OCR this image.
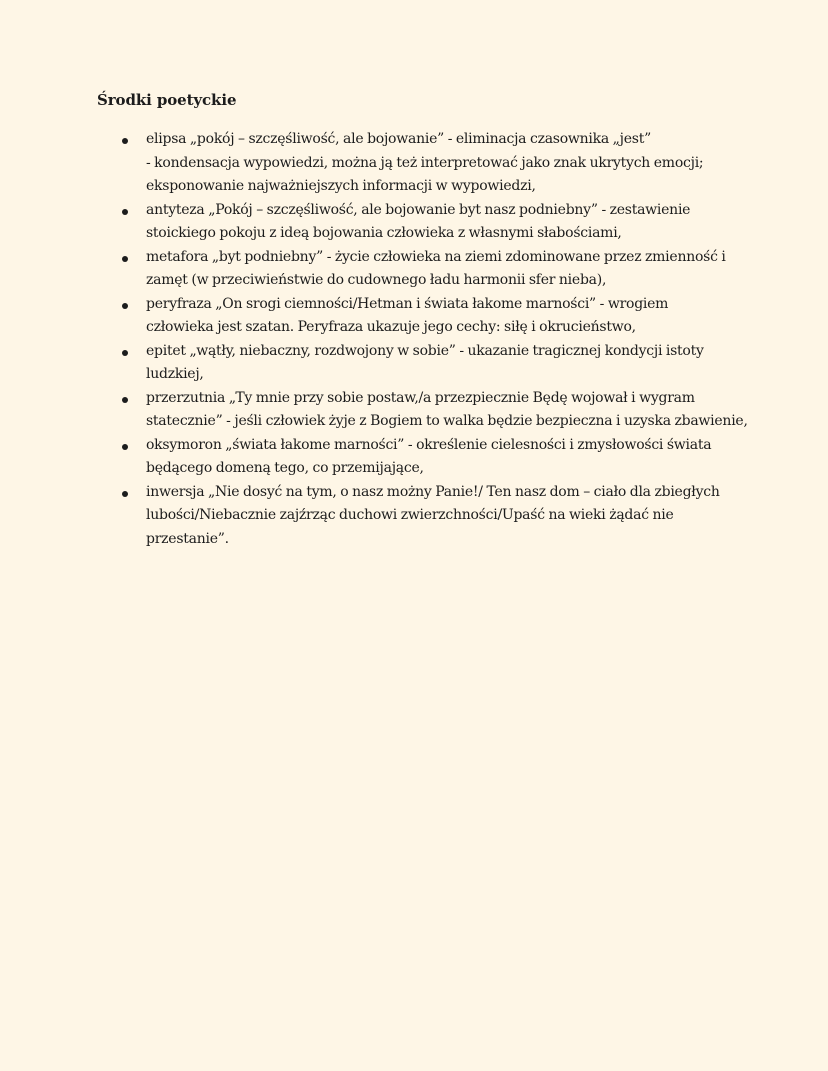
Środki poetyckie
elipsa „pokój – szczęśliwość, ale bojowanie” - eliminacja czasownika „jest”
- kondensacja wypowiedzi, można ją też interpretować jako znak ukrytych emocji;
eksponowanie najważniejszych informacji w wypowiedzi,
antyteza „Pokój – szczęśliwość, ale bojowanie byt nasz podniebny” - zestawienie
stoickiego pokoju z ideą bojowania człowieka z własnymi słabościami,
metafora „byt podniebny” - życie człowieka na ziemi zdominowane przez zmienność i
zamęt (w przeciwieństwie do cudownego ładu harmonii sfer nieba),
peryfraza „On srogi ciemności/Hetman i świata łakome marności” - wrogiem
człowieka jest szatan. Peryfraza ukazuje jego cechy: siłę i okrucieństwo,
epitet „wątły, niebaczny, rozdwojony w sobie” - ukazanie tragicznej kondycji istoty
ludzkiej,
przerzutnia „Ty mnie przy sobie postaw,/a przezpiecznie Będę wojował i wygram
statecznie” - jeśli człowiek żyje z Bogiem to walka będzie bezpieczna i uzyska zbawienie,
oksymoron „świata łakome marności” - określenie cielesności i zmysłowości świata
będącego domeną tego, co przemijające,
inwersja „Nie dosyć na tym, o nasz możny Panie!/ Ten nasz dom – ciało dla zbiegłych
lubości/Niebacznie zajźrząc duchowi zwierzchności/Upaść na wieki żądać nie
przestanie”.
